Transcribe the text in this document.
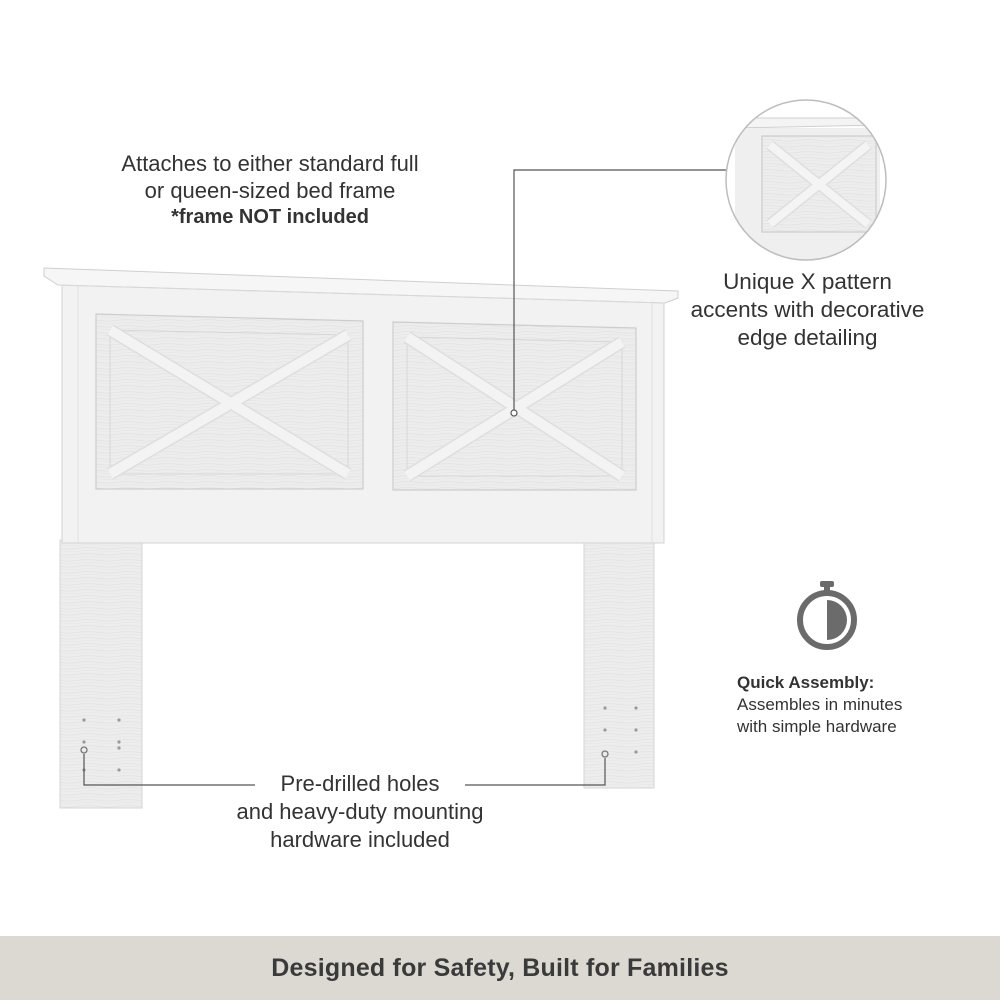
Attaches to either standard full
or queen-sized bed frame
*frame NOT included
Unique X pattern
accents with decorative
edge detailing
Pre-drilled holes
and heavy-duty mounting
hardware included
Quick Assembly:
Assembles in minutes
with simple hardware
Designed for Safety, Built for Families
